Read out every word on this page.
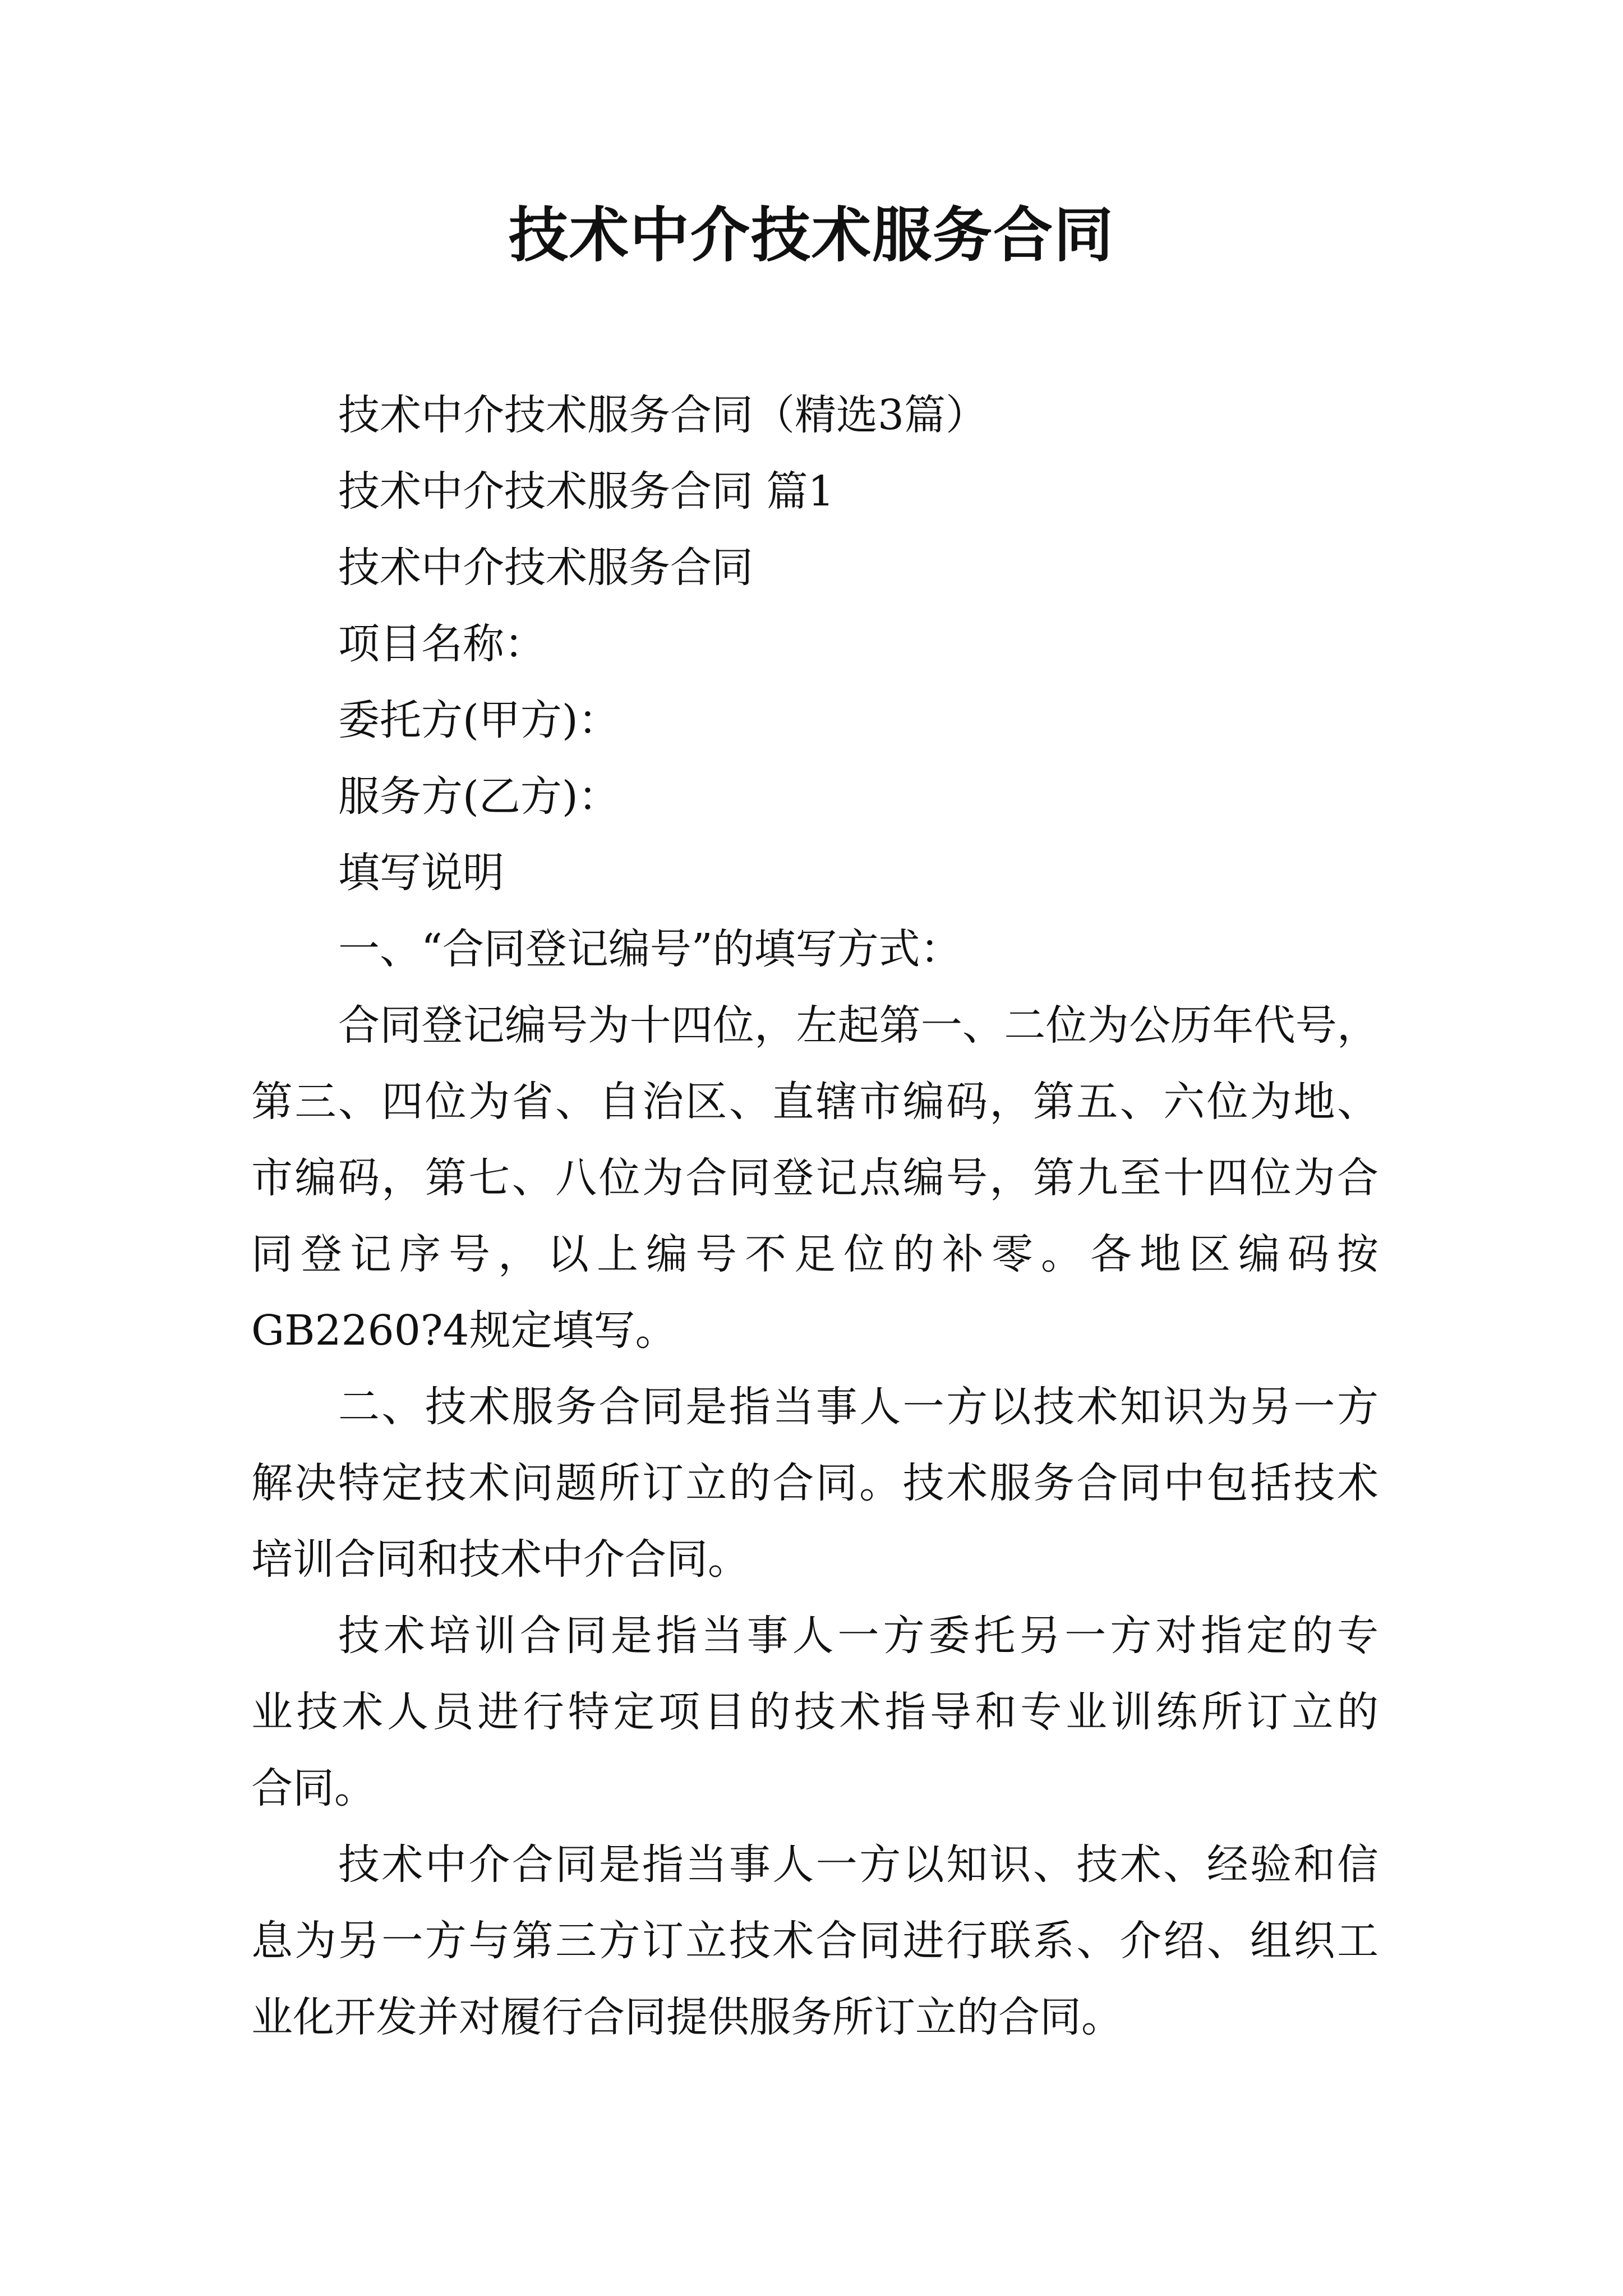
技术中介技术服务合同
技术中介技术服务合同（精选3篇）
技术中介技术服务合同 篇1
技术中介技术服务合同
项目名称：
委托方(甲方)：
服务方(乙方)：
填写说明
一、“合同登记编号”的填写方式：
合同登记编号为十四位，左起第一、二位为公历年代号，
第三、四位为省、自治区、直辖市编码，第五、六位为地、
市编码，第七、八位为合同登记点编号，第九至十四位为合
同登记序号，以上编号不足位的补零。各地区编码按
GB2260?4规定填写。
二、技术服务合同是指当事人一方以技术知识为另一方
解决特定技术问题所订立的合同。技术服务合同中包括技术
培训合同和技术中介合同。
技术培训合同是指当事人一方委托另一方对指定的专
业技术人员进行特定项目的技术指导和专业训练所订立的
合同。
技术中介合同是指当事人一方以知识、技术、经验和信
息为另一方与第三方订立技术合同进行联系、介绍、组织工
业化开发并对履行合同提供服务所订立的合同。
